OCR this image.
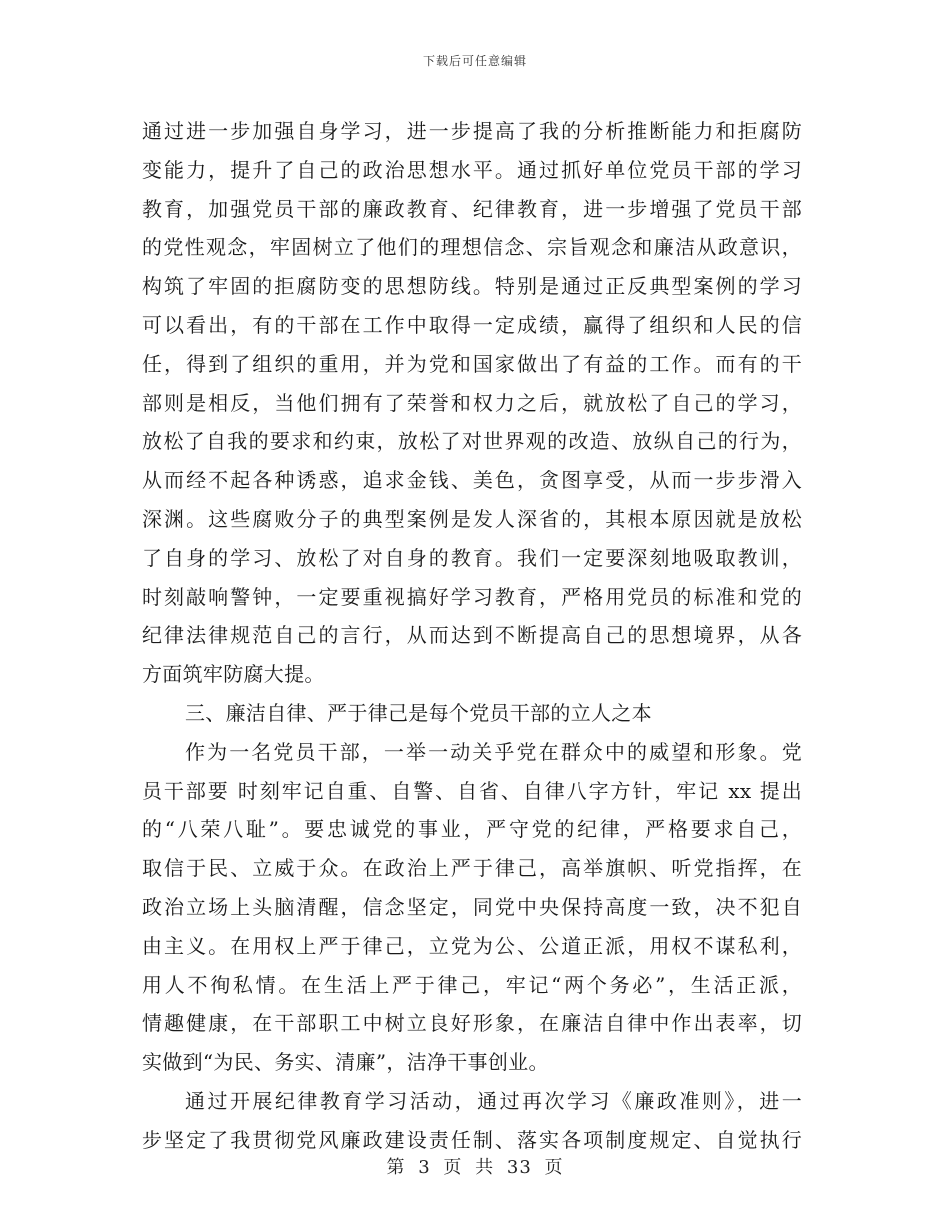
下载后可任意编辑
通过进一步加强自身学习，进一步提高了我的分析推断能力和拒腐防
变能力，提升了自己的政治思想水平。通过抓好单位党员干部的学习
教育，加强党员干部的廉政教育、纪律教育，进一步增强了党员干部
的党性观念，牢固树立了他们的理想信念、宗旨观念和廉洁从政意识，
构筑了牢固的拒腐防变的思想防线。特别是通过正反典型案例的学习
可以看出，有的干部在工作中取得一定成绩，赢得了组织和人民的信
任，得到了组织的重用，并为党和国家做出了有益的工作。而有的干
部则是相反，当他们拥有了荣誉和权力之后，就放松了自己的学习，
放松了自我的要求和约束，放松了对世界观的改造、放纵自己的行为，
从而经不起各种诱惑，追求金钱、美色，贪图享受，从而一步步滑入
深渊。这些腐败分子的典型案例是发人深省的，其根本原因就是放松
了自身的学习、放松了对自身的教育。我们一定要深刻地吸取教训，
时刻敲响警钟，一定要重视搞好学习教育，严格用党员的标准和党的
纪律法律规范自己的言行，从而达到不断提高自己的思想境界，从各
方面筑牢防腐大提。
三、廉洁自律、严于律己是每个党员干部的立人之本
作为一名党员干部，一举一动关乎党在群众中的威望和形象。党
员干部要 时刻牢记自重、自警、自省、自律八字方针，牢记 xx 提出
的“八荣八耻”。要忠诚党的事业，严守党的纪律，严格要求自己，
取信于民、立威于众。在政治上严于律己，高举旗帜、听党指挥，在
政治立场上头脑清醒，信念坚定，同党中央保持高度一致，决不犯自
由主义。在用权上严于律己，立党为公、公道正派，用权不谋私利，
用人不徇私情。在生活上严于律己，牢记“两个务必”，生活正派，
情趣健康，在干部职工中树立良好形象，在廉洁自律中作出表率，切
实做到“为民、务实、清廉”，洁净干事创业。
通过开展纪律教育学习活动，通过再次学习《廉政准则》，进一
步坚定了我贯彻党风廉政建设责任制、落实各项制度规定、自觉执行
第 3 页 共 33 页
